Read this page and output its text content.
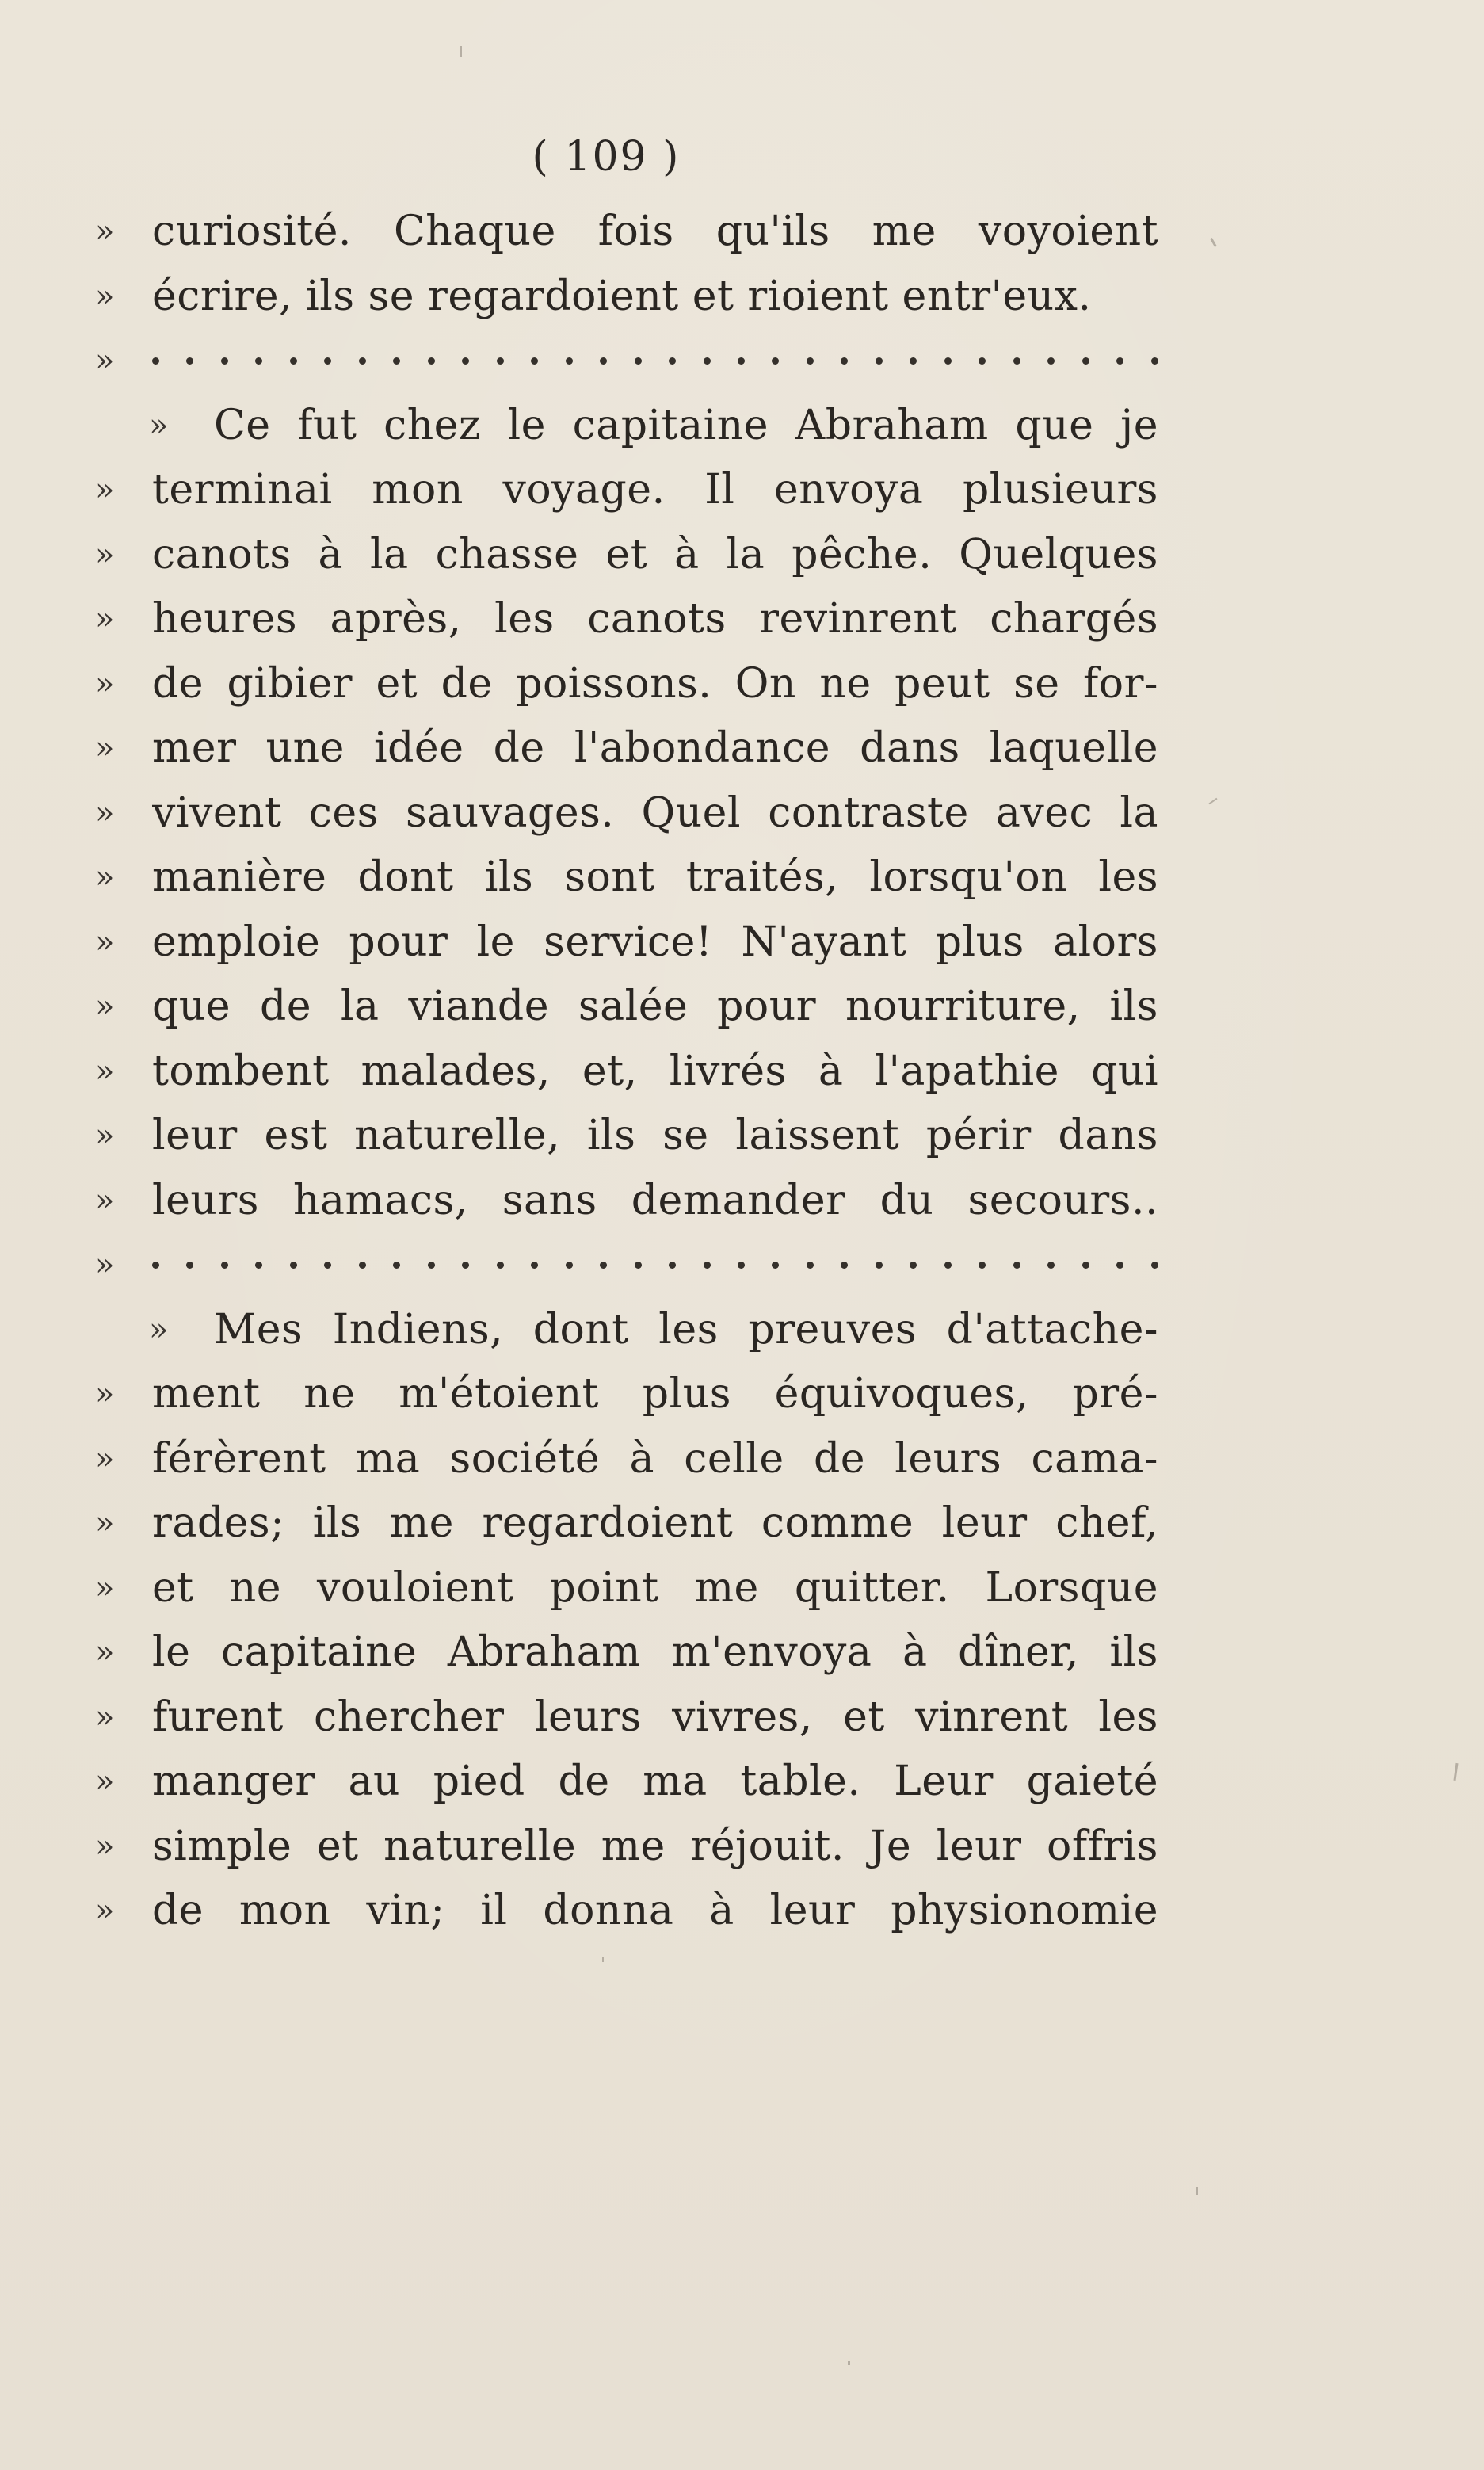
( 109 )
» curiosité. Chaque fois qu'ils me voyoient
» écrire, ils se regardoient et rioient entr'eux.
»
» Ce fut chez le capitaine Abraham que je
» terminai mon voyage. Il envoya plusieurs
» canots à la chasse et à la pêche. Quelques
» heures après, les canots revinrent chargés
» de gibier et de poissons. On ne peut se for-
» mer une idée de l'abondance dans laquelle
» vivent ces sauvages. Quel contraste avec la
» manière dont ils sont traités, lorsqu'on les
» emploie pour le service! N'ayant plus alors
» que de la viande salée pour nourriture, ils
» tombent malades, et, livrés à l'apathie qui
» leur est naturelle, ils se laissent périr dans
» leurs hamacs, sans demander du secours..
»
» Mes Indiens, dont les preuves d'attache-
» ment ne m'étoient plus équivoques, pré-
» férèrent ma société à celle de leurs cama-
» rades; ils me regardoient comme leur chef,
» et ne vouloient point me quitter. Lorsque
» le capitaine Abraham m'envoya à dîner, ils
» furent chercher leurs vivres, et vinrent les
» manger au pied de ma table. Leur gaieté
» simple et naturelle me réjouit. Je leur offris
» de mon vin; il donna à leur physionomie
